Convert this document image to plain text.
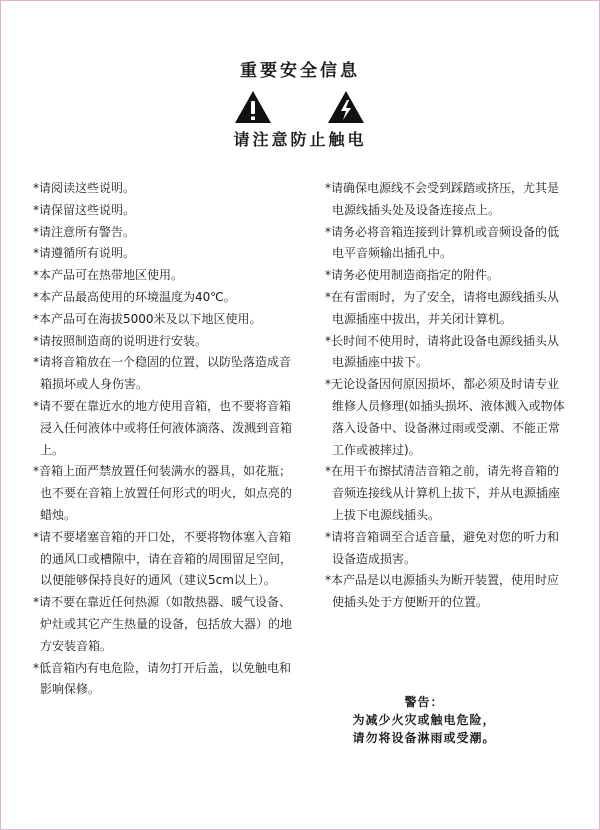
重要安全信息
请注意防止触电

*请阅读这些说明。

*请保留这些说明。

*请注意所有警告。

*请遵循所有说明。

*本产品可在热带地区使用。

*本产品最高使用的环境温度为40℃。

*本产品可在海拔5000米及以下地区使用。

*请按照制造商的说明进行安装。

*请将音箱放在一个稳固的位置，以防坠落造成音箱损坏或人身伤害。

*请不要在靠近水的地方使用音箱，也不要将音箱浸入任何液体中或将任何液体滴落、泼溅到音箱上。

*音箱上面严禁放置任何装满水的器具，如花瓶；也不要在音箱上放置任何形式的明火，如点亮的蜡烛。

*请不要堵塞音箱的开口处，不要将物体塞入音箱的通风口或槽隙中，请在音箱的周围留足空间，以便能够保持良好的通风（建议5cm以上）。

*请不要在靠近任何热源（如散热器、暖气设备、炉灶或其它产生热量的设备，包括放大器）的地方安装音箱。

*低音箱内有电危险，请勿打开后盖，以免触电和影响保修。

*请确保电源线不会受到踩踏或挤压，尤其是电源线插头处及设备连接点上。

*请务必将音箱连接到计算机或音频设备的低电平音频输出插孔中。

*请务必使用制造商指定的附件。

*在有雷雨时，为了安全，请将电源线插头从电源插座中拔出，并关闭计算机。

*长时间不使用时，请将此设备电源线插头从电源插座中拔下。

*无论设备因何原因损坏，都必须及时请专业维修人员修理(如插头损坏、液体溅入或物体落入设备中、设备淋过雨或受潮、不能正常工作或被摔过)。

*在用干布擦拭清洁音箱之前，请先将音箱的音频连接线从计算机上拔下，并从电源插座上拔下电源线插头。

*请将音箱调至合适音量，避免对您的听力和设备造成损害。

*本产品是以电源插头为断开装置，使用时应使插头处于方便断开的位置。

警告：
为减少火灾或触电危险，
请勿将设备淋雨或受潮。
